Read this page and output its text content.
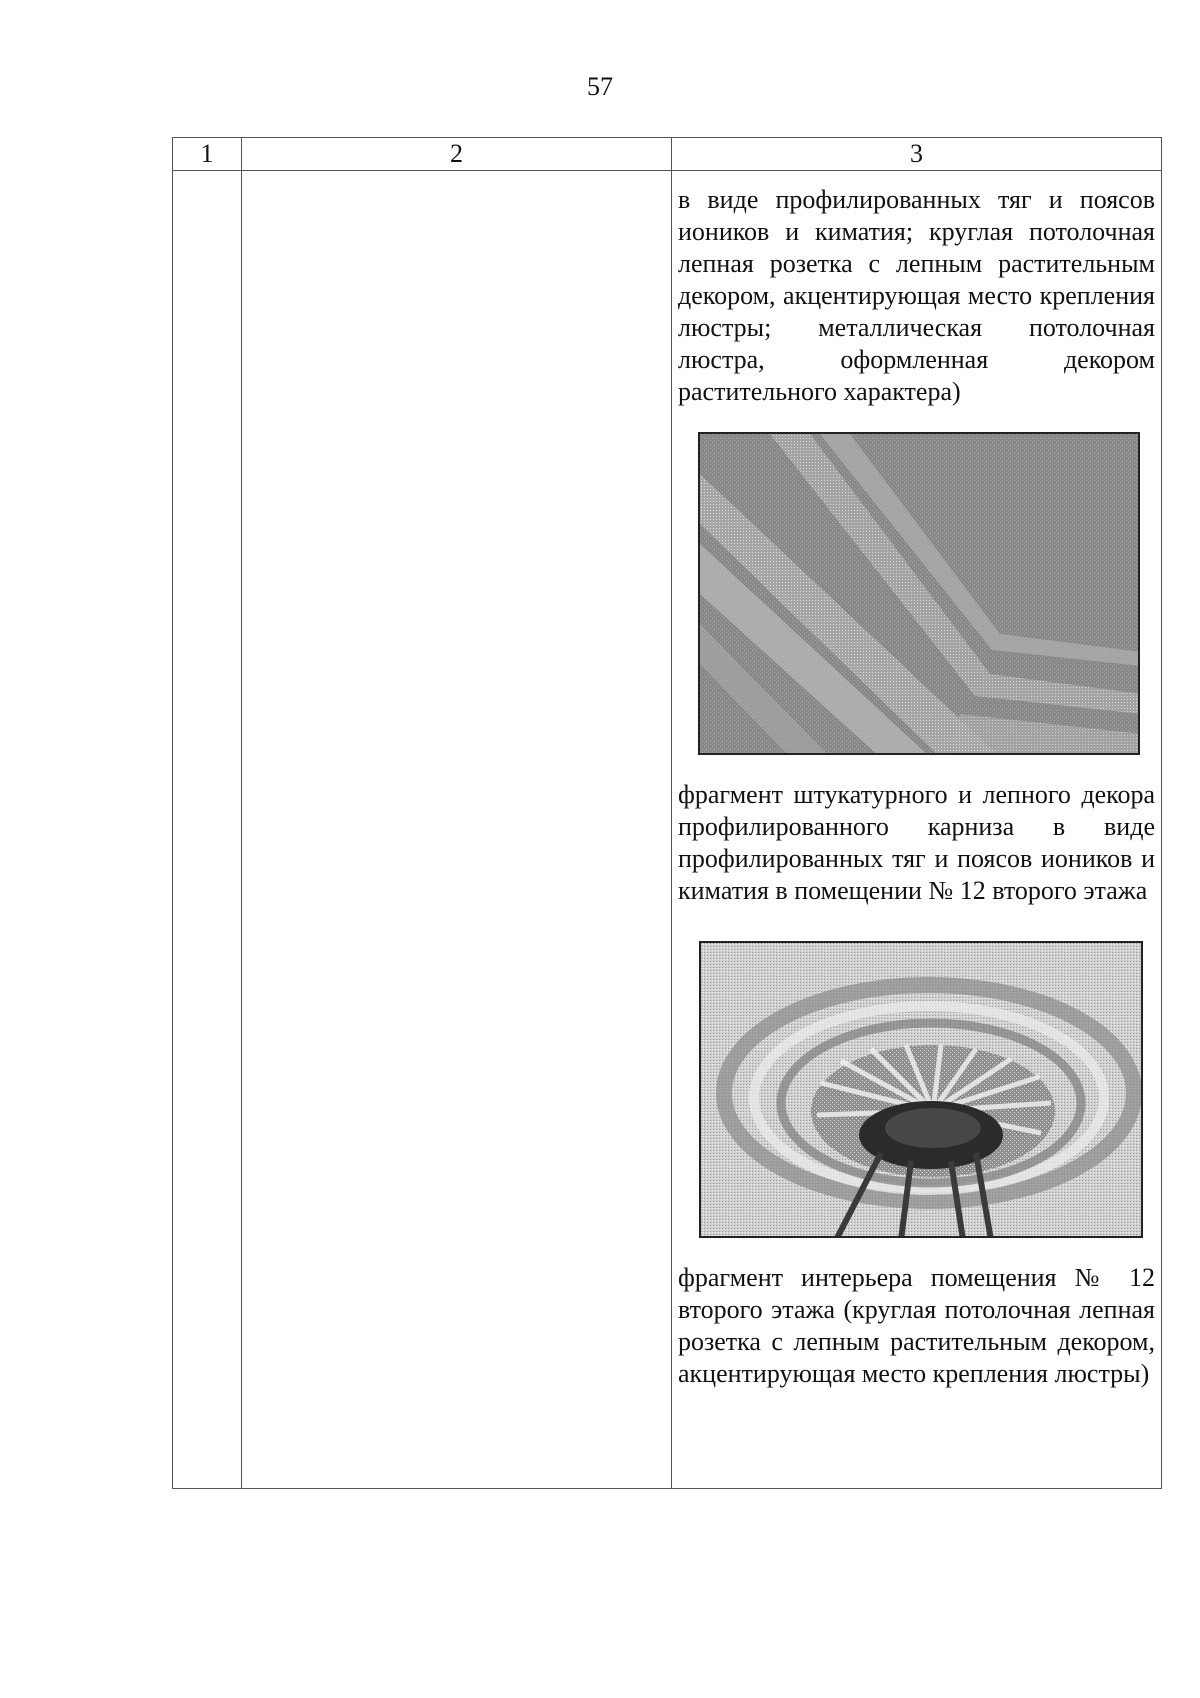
57
1	2	3

		в виде профилированных тяг и поясов иоников и киматия; круглая потолочная лепная розетка с лепным растительным декором, акцентирующая место крепления люстры; металлическая потолочная люстра, оформленная декором растительного характера)

фрагмент штукатурного и лепного декора профилированного карниза в виде профилированных тяг и поясов иоников и киматия в помещении № 12 второго этажа

фрагмент интерьера помещения № 12 второго этажа (круглая потолочная лепная розетка с лепным растительным декором, акцентирующая место крепления люстры)
